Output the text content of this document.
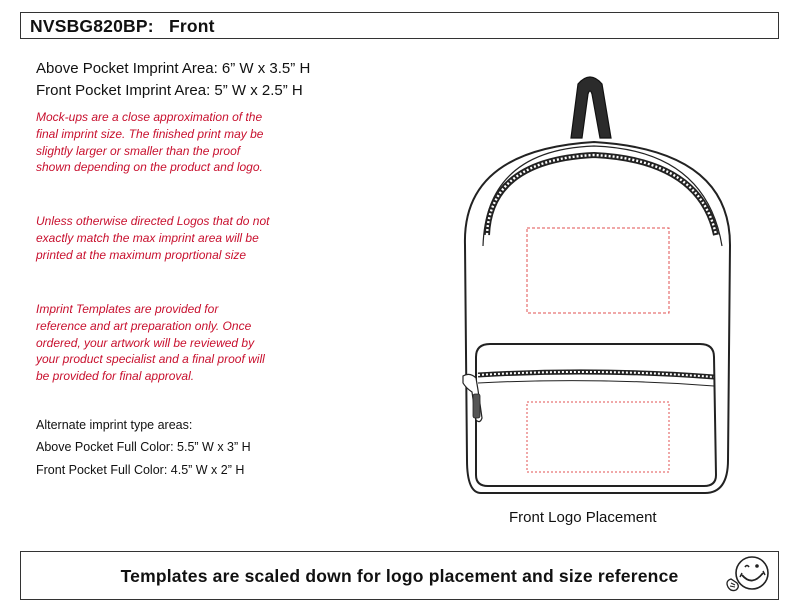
NVSBG820BP:   Front
Above Pocket Imprint Area: 6” W x 3.5” H
Front Pocket Imprint Area: 5” W x 2.5” H
Mock-ups are a close approximation of the final imprint size. The finished print may be slightly larger or smaller than the proof shown depending on the product and logo.
Unless otherwise directed Logos that do not exactly match the max imprint area will be printed at the maximum proprtional size
Imprint Templates are provided for reference and art preparation only. Once ordered, your artwork will be reviewed by your product specialist and a final proof will be provided for final approval.
Alternate imprint type areas:
Above Pocket Full Color: 5.5” W x 3” H
Front Pocket Full Color: 4.5” W x 2” H
Front Logo Placement
Templates are scaled down for logo placement and size reference
